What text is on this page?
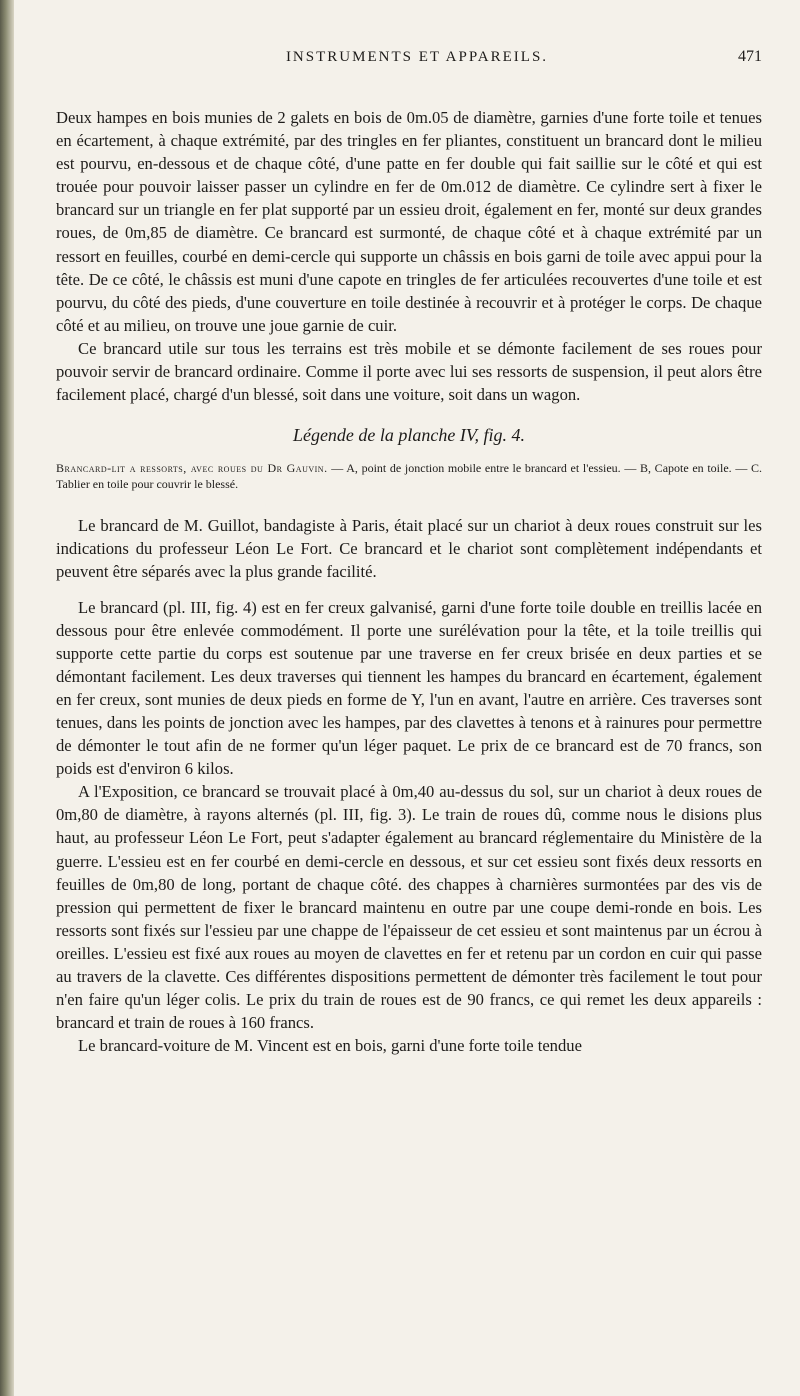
INSTRUMENTS ET APPAREILS.	471

Deux hampes en bois munies de 2 galets en bois de 0m.05 de diamètre, garnies d'une forte toile et tenues en écartement, à chaque extrémité, par des tringles en fer pliantes, constituent un brancard dont le milieu est pourvu, en-dessous et de chaque côté, d'une patte en fer double qui fait saillie sur le côté et qui est trouée pour pouvoir laisser passer un cylindre en fer de 0m.012 de diamètre. Ce cylindre sert à fixer le brancard sur un triangle en fer plat supporté par un essieu droit, également en fer, monté sur deux grandes roues, de 0m,85 de diamètre. Ce brancard est surmonté, de chaque côté et à chaque extrémité par un ressort en feuilles, courbé en demi-cercle qui supporte un châssis en bois garni de toile avec appui pour la tête. De ce côté, le châssis est muni d'une capote en tringles de fer articulées recouvertes d'une toile et est pourvu, du côté des pieds, d'une couverture en toile destinée à recouvrir et à protéger le corps. De chaque côté et au milieu, on trouve une joue garnie de cuir.

Ce brancard utile sur tous les terrains est très mobile et se démonte facilement de ses roues pour pouvoir servir de brancard ordinaire. Comme il porte avec lui ses ressorts de suspension, il peut alors être facilement placé, chargé d'un blessé, soit dans une voiture, soit dans un wagon.

Légende de la planche IV, fig. 4.

Brancard-lit a ressorts, avec roues du Dr Gauvin. — A, point de jonction mobile entre le brancard et l'essieu. — B, Capote en toile. — C. Tablier en toile pour couvrir le blessé.

Le brancard de M. Guillot, bandagiste à Paris, était placé sur un chariot à deux roues construit sur les indications du professeur Léon Le Fort. Ce brancard et le chariot sont complètement indépendants et peuvent être séparés avec la plus grande facilité.

Le brancard (pl. III, fig. 4) est en fer creux galvanisé, garni d'une forte toile double en treillis lacée en dessous pour être enlevée commodément. Il porte une surélévation pour la tête, et la toile treillis qui supporte cette partie du corps est soutenue par une traverse en fer creux brisée en deux parties et se démontant facilement. Les deux traverses qui tiennent les hampes du brancard en écartement, également en fer creux, sont munies de deux pieds en forme de Y, l'un en avant, l'autre en arrière. Ces traverses sont tenues, dans les points de jonction avec les hampes, par des clavettes à tenons et à rainures pour permettre de démonter le tout afin de ne former qu'un léger paquet. Le prix de ce brancard est de 70 francs, son poids est d'environ 6 kilos.

A l'Exposition, ce brancard se trouvait placé à 0m,40 au-dessus du sol, sur un chariot à deux roues de 0m,80 de diamètre, à rayons alternés (pl. III, fig. 3). Le train de roues dû, comme nous le disions plus haut, au professeur Léon Le Fort, peut s'adapter également au brancard réglementaire du Ministère de la guerre. L'essieu est en fer courbé en demi-cercle en dessous, et sur cet essieu sont fixés deux ressorts en feuilles de 0m,80 de long, portant de chaque côté. des chappes à charnières surmontées par des vis de pression qui permettent de fixer le brancard maintenu en outre par une coupe demi-ronde en bois. Les ressorts sont fixés sur l'essieu par une chappe de l'épaisseur de cet essieu et sont maintenus par un écrou à oreilles. L'essieu est fixé aux roues au moyen de clavettes en fer et retenu par un cordon en cuir qui passe au travers de la clavette. Ces différentes dispositions permettent de démonter très facilement le tout pour n'en faire qu'un léger colis. Le prix du train de roues est de 90 francs, ce qui remet les deux appareils : brancard et train de roues à 160 francs.

Le brancard-voiture de M. Vincent est en bois, garni d'une forte toile tendue
